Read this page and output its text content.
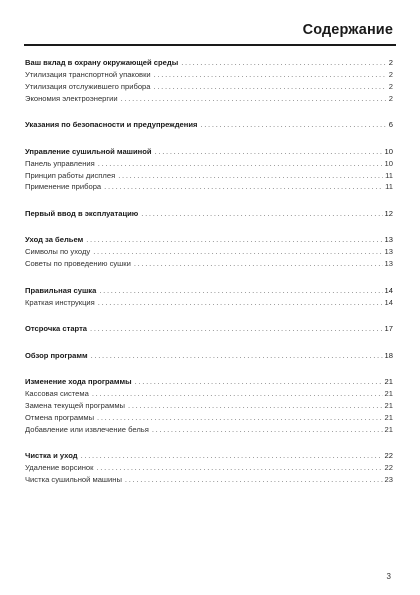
Содержание
Ваш вклад в охрану окружающей среды . . .	2
Утилизация транспортной упаковки . . .	2
Утилизация отслужившего прибора . . .	2
Экономия электроэнергии . . .	2
Указания по безопасности и предупреждения . . .	6
Управление сушильной машиной . . .	10
Панель управления . . .	10
Принцип работы дисплея . . .	11
Применение прибора . . .	11
Первый ввод в эксплуатацию . . .	12
Уход за бельем . . .	13
Символы по уходу . . .	13
Советы по проведению сушки . . .	13
Правильная сушка . . .	14
Краткая инструкция . . .	14
Отсрочка старта . . .	17
Обзор программ . . .	18
Изменение хода программы . . .	21
Кассовая система . . .	21
Замена текущей программы . . .	21
Отмена программы . . .	21
Добавление или извлечение белья . . .	21
Чистка и уход . . .	22
Удаление ворсинок . . .	22
Чистка сушильной машины . . .	23
3
